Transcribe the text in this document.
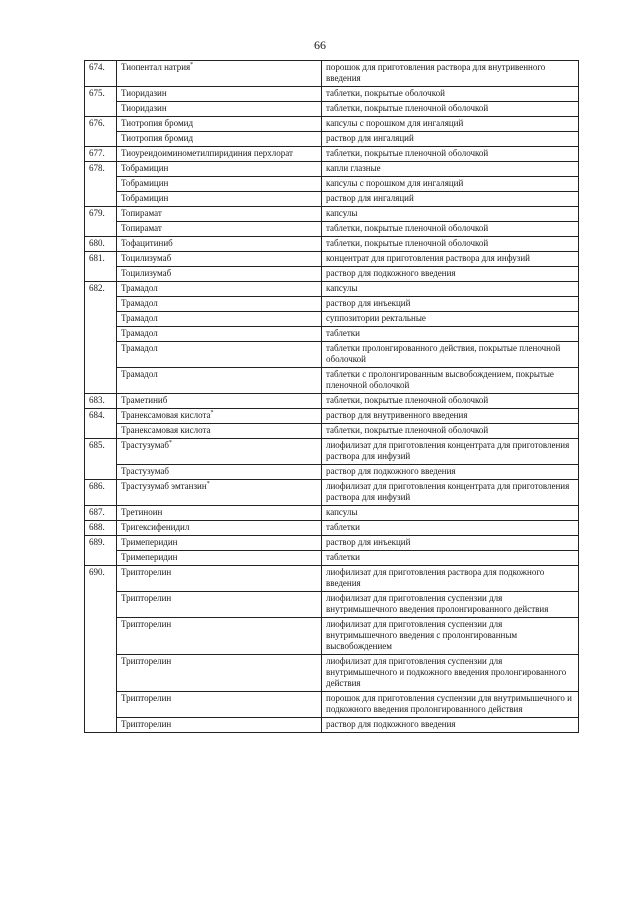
66
674.	Тиопентал натрия*	порошок для приготовления раствора для внутривенного введения
675.	Тиоридазин	таблетки, покрытые оболочкой
	Тиоридазин	таблетки, покрытые пленочной оболочкой
676.	Тиотропия бромид	капсулы с порошком для ингаляций
	Тиотропия бромид	раствор для ингаляций
677.	Тиоуреидоиминометилпиридиния перхлорат	таблетки, покрытые пленочной оболочкой
678.	Тобрамицин	капли глазные
	Тобрамицин	капсулы с порошком для ингаляций
	Тобрамицин	раствор для ингаляций
679.	Топирамат	капсулы
	Топирамат	таблетки, покрытые пленочной оболочкой
680.	Тофацитиниб	таблетки, покрытые пленочной оболочкой
681.	Тоцилизумаб	концентрат для приготовления раствора для инфузий
	Тоцилизумаб	раствор для подкожного введения
682.	Трамадол	капсулы
	Трамадол	раствор для инъекций
	Трамадол	суппозитории ректальные
	Трамадол	таблетки
	Трамадол	таблетки пролонгированного действия, покрытые пленочной оболочкой
	Трамадол	таблетки с пролонгированным высвобождением, покрытые пленочной оболочкой
683.	Траметиниб	таблетки, покрытые пленочной оболочкой
684.	Транексамовая кислота*	раствор для внутривенного введения
	Транексамовая кислота	таблетки, покрытые пленочной оболочкой
685.	Трастузумаб*	лиофилизат для приготовления концентрата для приготовления раствора для инфузий
	Трастузумаб	раствор для подкожного введения
686.	Трастузумаб эмтанзин*	лиофилизат для приготовления концентрата для приготовления раствора для инфузий
687.	Третиноин	капсулы
688.	Тригексифенидил	таблетки
689.	Тримеперидин	раствор для инъекций
	Тримеперидин	таблетки
690.	Трипторелин	лиофилизат для приготовления раствора для подкожного введения
	Трипторелин	лиофилизат для приготовления суспензии для внутримышечного введения пролонгированного действия
	Трипторелин	лиофилизат для приготовления суспензии для внутримышечного введения с пролонгированным высвобождением
	Трипторелин	лиофилизат для приготовления суспензии для внутримышечного и подкожного введения пролонгированного действия
	Трипторелин	порошок для приготовления суспензии для внутримышечного и подкожного введения пролонгированного действия
	Трипторелин	раствор для подкожного введения
